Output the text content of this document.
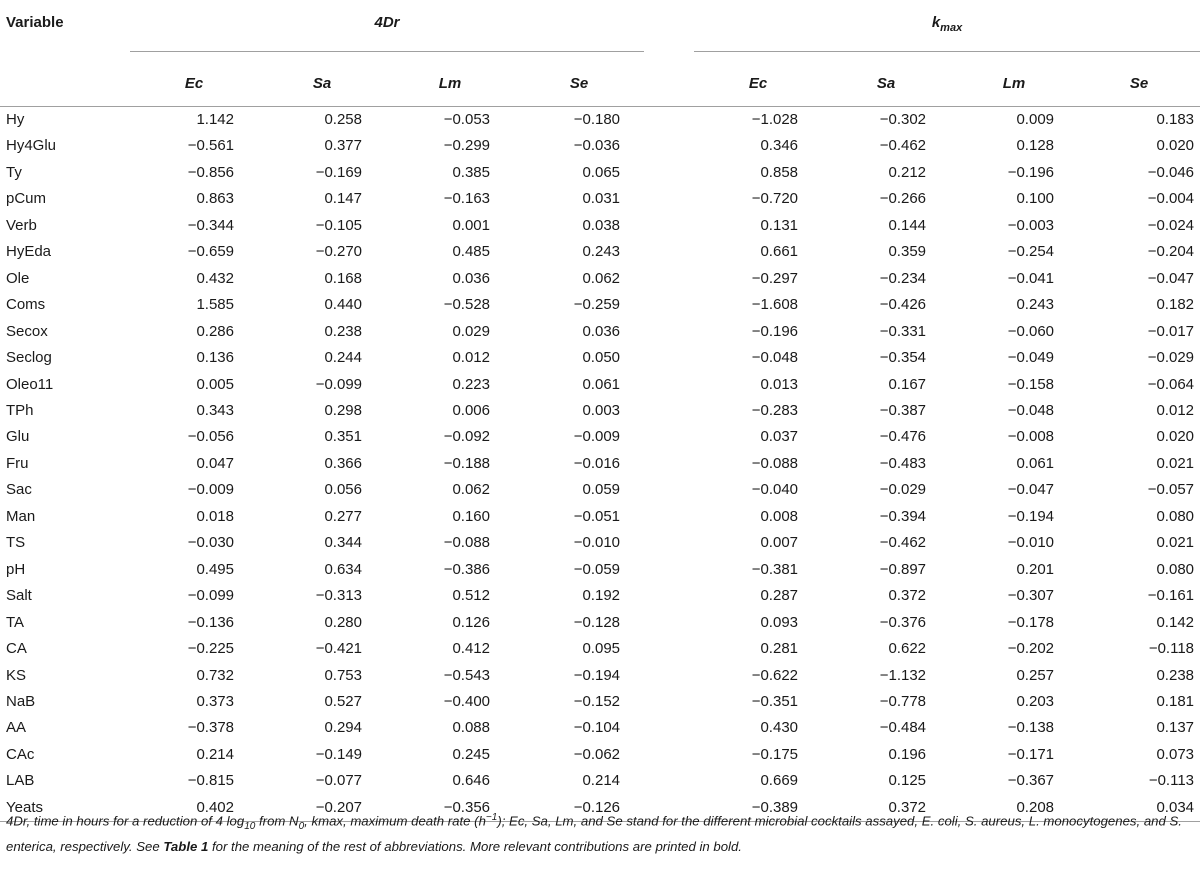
Variable	4Dr					$k_{max}$

	Ec	Sa	Lm	Se		Ec	Sa	Lm	Se
Hy	1.142	0.258	−0.053	−0.180		−1.028	−0.302	0.009	0.183
Hy4Glu	−0.561	0.377	−0.299	−0.036		0.346	−0.462	0.128	0.020
Ty	−0.856	−0.169	0.385	0.065		0.858	0.212	−0.196	−0.046
pCum	0.863	0.147	−0.163	0.031		−0.720	−0.266	0.100	−0.004
Verb	−0.344	−0.105	0.001	0.038		0.131	0.144	−0.003	−0.024
HyEda	−0.659	−0.270	0.485	0.243		0.661	0.359	−0.254	−0.204
Ole	0.432	0.168	0.036	0.062		−0.297	−0.234	−0.041	−0.047
Coms	1.585	0.440	−0.528	−0.259		−1.608	−0.426	0.243	0.182
Secox	0.286	0.238	0.029	0.036		−0.196	−0.331	−0.060	−0.017
Seclog	0.136	0.244	0.012	0.050		−0.048	−0.354	−0.049	−0.029
Oleo11	0.005	−0.099	0.223	0.061		0.013	0.167	−0.158	−0.064
TPh	0.343	0.298	0.006	0.003		−0.283	−0.387	−0.048	0.012
Glu	−0.056	0.351	−0.092	−0.009		0.037	−0.476	−0.008	0.020
Fru	0.047	0.366	−0.188	−0.016		−0.088	−0.483	0.061	0.021
Sac	−0.009	0.056	0.062	0.059		−0.040	−0.029	−0.047	−0.057
Man	0.018	0.277	0.160	−0.051		0.008	−0.394	−0.194	0.080
TS	−0.030	0.344	−0.088	−0.010		0.007	−0.462	−0.010	0.021
pH	0.495	0.634	−0.386	−0.059		−0.381	−0.897	0.201	0.080
Salt	−0.099	−0.313	0.512	0.192		0.287	0.372	−0.307	−0.161
TA	−0.136	0.280	0.126	−0.128		0.093	−0.376	−0.178	0.142
CA	−0.225	−0.421	0.412	0.095		0.281	0.622	−0.202	−0.118
KS	0.732	0.753	−0.543	−0.194		−0.622	−1.132	0.257	0.238
NaB	0.373	0.527	−0.400	−0.152		−0.351	−0.778	0.203	0.181
AA	−0.378	0.294	0.088	−0.104		0.430	−0.484	−0.138	0.137
CAc	0.214	−0.149	0.245	−0.062		−0.175	0.196	−0.171	0.073
LAB	−0.815	−0.077	0.646	0.214		0.669	0.125	−0.367	−0.113
Yeats	0.402	−0.207	−0.356	−0.126		−0.389	0.372	0.208	0.034
4Dr, time in hours for a reduction of 4 $\log_{10}$ from $N_0$, kmax, maximum death rate $(h^{-1})$; Ec, Sa, Lm, and Se stand for the different microbial cocktails assayed, E. coli, S. aureus, L. monocytogenes, and S. enterica, respectively. See Table 1 for the meaning of the rest of abbreviations. More relevant contributions are printed in bold.
